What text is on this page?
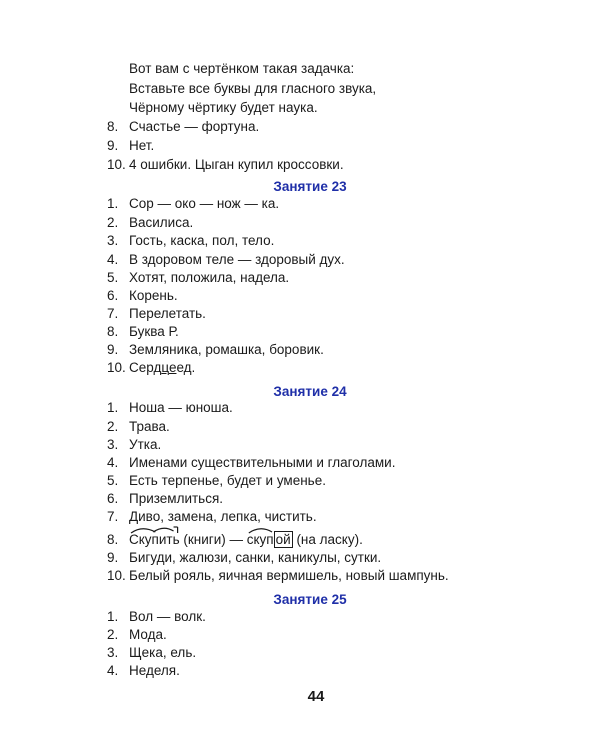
Вот вам с чертёнком такая задачка:
Вставьте все буквы для гласного звука,
Чёрному чёртику будет наука.
8. Счастье — фортуна.
9. Нет.
10. 4 ошибки. Цыган купил кроссовки.
Занятие 23
1. Сор — око — нож — ка.
2. Василиса.
3. Гость, каска, пол, тело.
4. В здоровом теле — здоровый дух.
5. Хотят, положила, надела.
6. Корень.
7. Перелетать.
8. Буква Р.
9. Земляника, ромашка, боровик.
10. Сердцеед.
Занятие 24
1. Ноша — юноша.
2. Трава.
3. Утка.
4. Именами существительными и глаголами.
5. Есть терпенье, будет и уменье.
6. Приземлиться.
7. Диво, замена, лепка, чистить.
8. Скупить (книги) —
скуп ой (на ласку).
9. Бигуди, жалюзи, санки, каникулы, сутки.
10. Белый рояль, яичная вермишель, новый шампунь.
Занятие 25
1. Вол — волк.
2. Мода.
3. Щека, ель.
4. Неделя.
44
